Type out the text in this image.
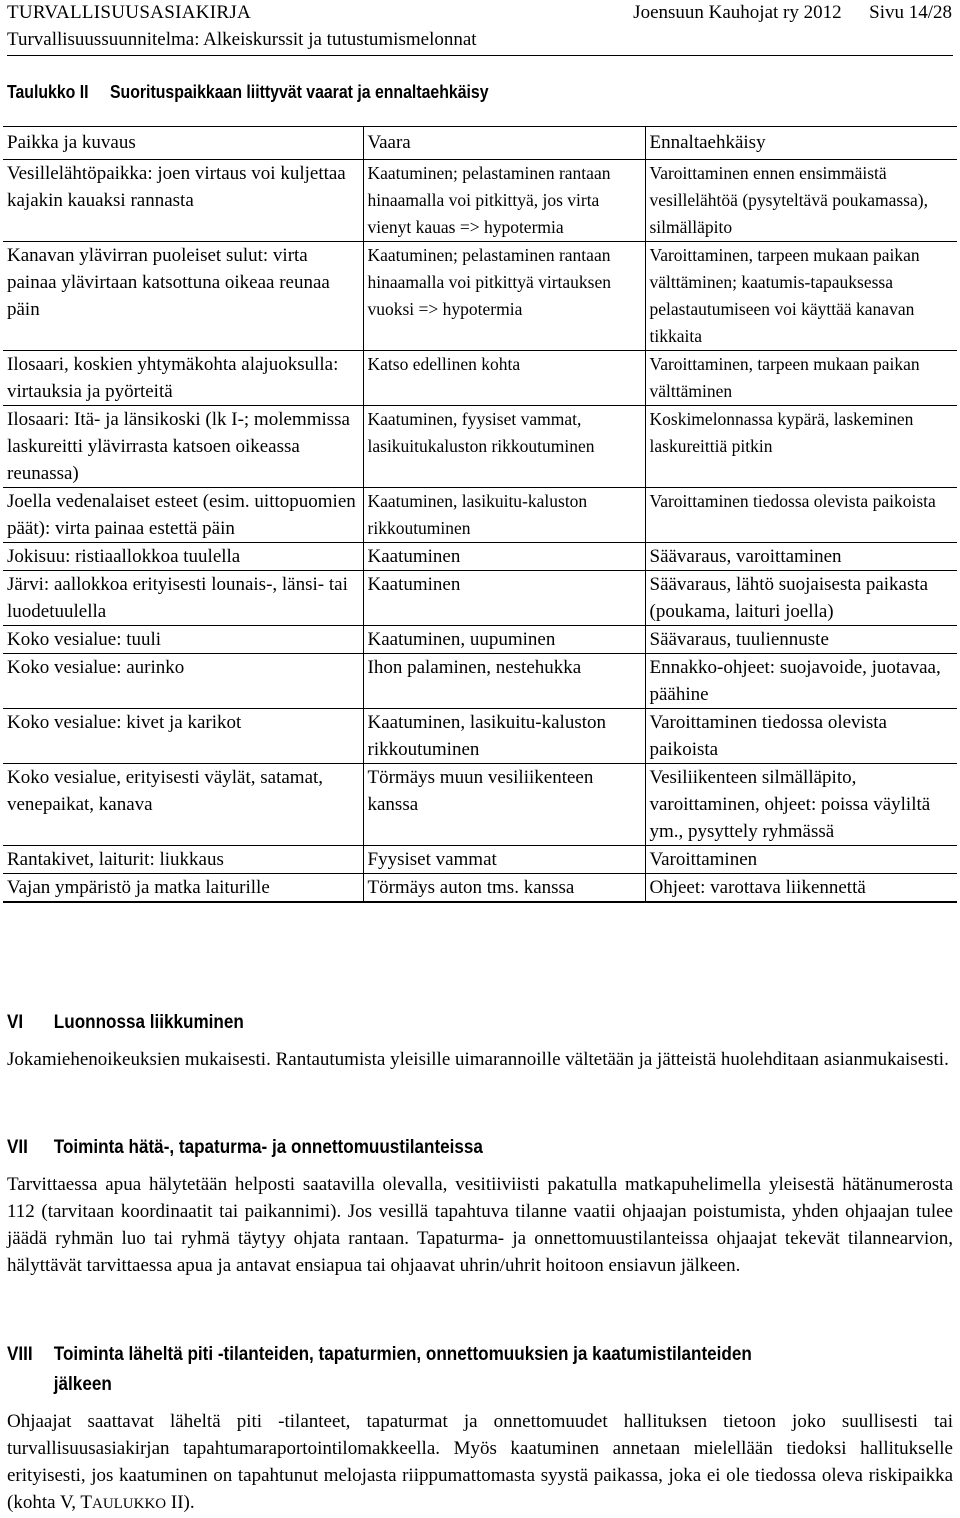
TURVALLISUUSASIAKIRJA	Joensuun Kauhojat ry 2012 Sivu 14/28
Turvallisuussuunnitelma: Alkeiskurssit ja tutustumismelonnat
Taulukko II Suorituspaikkaan liittyvät vaarat ja ennaltaehkäisy
Paikka ja kuvaus	Vaara	Ennaltaehkäisy
Vesillelähtöpaikka: joen virtaus voi kuljettaa kajakin kauaksi rannasta	Kaatuminen; pelastaminen rantaan hinaamalla voi pitkittyä, jos virta vienyt kauas => hypotermia	Varoittaminen ennen ensimmäistä vesillelähtöä (pysyteltävä poukamassa), silmälläpito
Kanavan ylävirran puoleiset sulut: virta painaa ylävirtaan katsottuna oikeaa reunaa päin	Kaatuminen; pelastaminen rantaan hinaamalla voi pitkittyä virtauksen vuoksi => hypotermia	Varoittaminen, tarpeen mukaan paikan välttäminen; kaatumis-tapauksessa pelastautumiseen voi käyttää kanavan tikkaita
Ilosaari, koskien yhtymäkohta alajuoksulla: virtauksia ja pyörteitä	Katso edellinen kohta	Varoittaminen, tarpeen mukaan paikan välttäminen
Ilosaari: Itä- ja länsikoski (lk I-; molemmissa laskureitti ylävirrasta katsoen oikeassa reunassa)	Kaatuminen, fyysiset vammat, lasikuitukaluston rikkoutuminen	Koskimelonnassa kypärä, laskeminen laskureittiä pitkin
Joella vedenalaiset esteet (esim. uittopuomien päät): virta painaa estettä päin	Kaatuminen, lasikuitu-kaluston rikkoutuminen	Varoittaminen tiedossa olevista paikoista
Jokisuu: ristiaallokkoa tuulella	Kaatuminen	Säävaraus, varoittaminen
Järvi: aallokkoa erityisesti lounais-, länsi- tai luodetuulella	Kaatuminen	Säävaraus, lähtö suojaisesta paikasta (poukama, laituri joella)
Koko vesialue: tuuli	Kaatuminen, uupuminen	Säävaraus, tuuliennuste
Koko vesialue: aurinko	Ihon palaminen, nestehukka	Ennakko-ohjeet: suojavoide, juotavaa, päähine
Koko vesialue: kivet ja karikot	Kaatuminen, lasikuitu-kaluston rikkoutuminen	Varoittaminen tiedossa olevista paikoista
Koko vesialue, erityisesti väylät, satamat, venepaikat, kanava	Törmäys muun vesiliikenteen kanssa	Vesiliikenteen silmälläpito, varoittaminen, ohjeet: poissa väyliltä ym., pysyttely ryhmässä
Rantakivet, laiturit: liukkaus	Fyysiset vammat	Varoittaminen
Vajan ympäristö ja matka laiturille	Törmäys auton tms. kanssa	Ohjeet: varottava liikennettä
VI	Luonnossa liikkuminen

Jokamiehenoikeuksien mukaisesti. Rantautumista yleisille uimarannoille vältetään ja jätteistä huolehditaan asianmukaisesti.

VII	Toiminta hätä-, tapaturma- ja onnettomuustilanteissa

Tarvittaessa apua hälytetään helposti saatavilla olevalla, vesitiiviisti pakatulla matkapuhelimella yleisestä hätänumerosta 112 (tarvitaan koordinaatit tai paikannimi). Jos vesillä tapahtuva tilanne vaatii ohjaajan poistumista, yhden ohjaajan tulee jäädä ryhmän luo tai ryhmä täytyy ohjata rantaan. Tapaturma- ja onnettomuustilanteissa ohjaajat tekevät tilannearvion, hälyttävät tarvittaessa apua ja antavat ensiapua tai ohjaavat uhrin/uhrit hoitoon ensiavun jälkeen.

VIII	Toiminta läheltä piti -tilanteiden, tapaturmien, onnettomuuksien ja kaatumistilanteiden
jälkeen

Ohjaajat saattavat läheltä piti -tilanteet, tapaturmat ja onnettomuudet hallituksen tietoon joko suullisesti tai turvallisuusasiakirjan tapahtumaraportointilomakkeella. Myös kaatuminen annetaan mielellään tiedoksi hallitukselle erityisesti, jos kaatuminen on tapahtunut melojasta riippumattomasta syystä paikassa, joka ei ole tiedossa oleva riskipaikka (kohta V, TAULUKKO II).
